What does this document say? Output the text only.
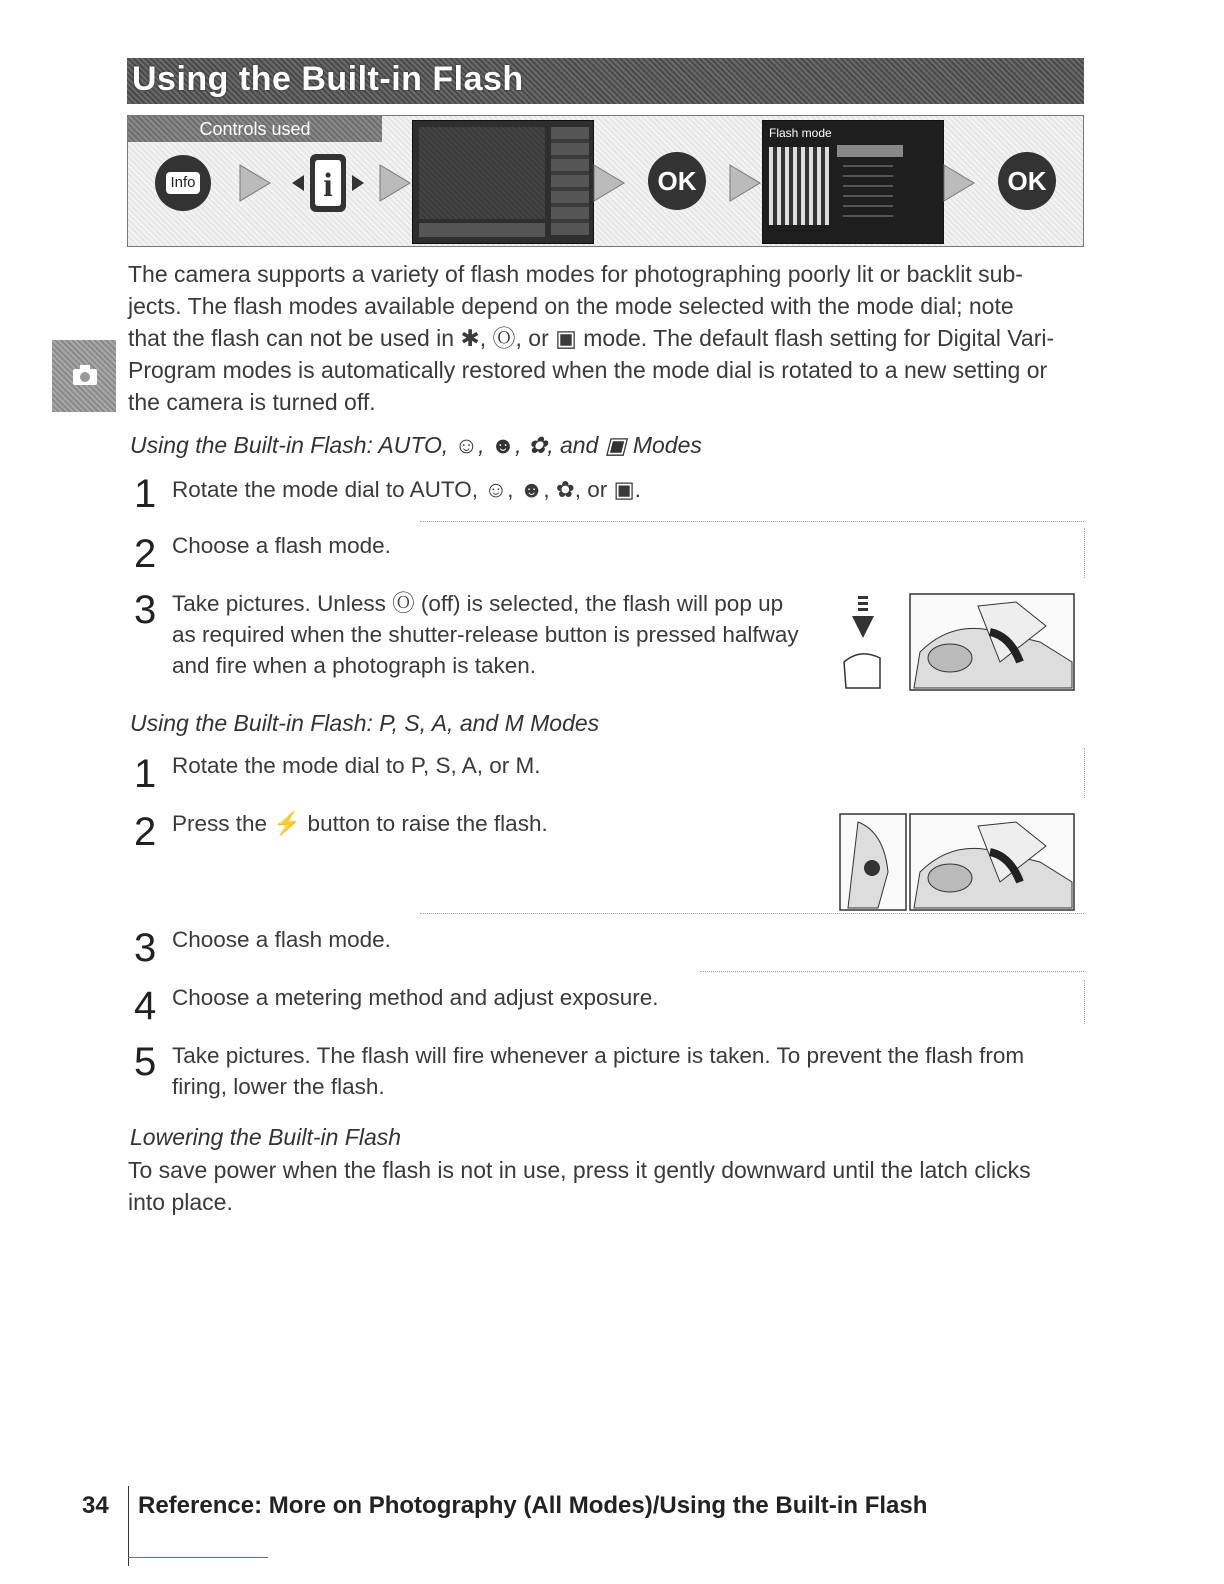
Using the Built-in Flash
Controls used
Info	i	OK
Flash mode
OK
The camera supports a variety of flash modes for photographing poorly lit or backlit sub-
jects. The flash modes available depend on the mode selected with the mode dial; note
that the flash can not be used in ✱, Ⓞ, or ▣ mode. The default flash setting for Digital Vari-
Program modes is automatically restored when the mode dial is rotated to a new setting or
the camera is turned off.
Using the Built-in Flash: AUTO, ☺, ☻, ✿, and ▣ Modes
1 Rotate the mode dial to AUTO, ☺, ☻, ✿, or ▣.
2 Choose a flash mode.
3 Take pictures. Unless Ⓞ (off) is selected, the flash will pop up
as required when the shutter-release button is pressed halfway
and fire when a photograph is taken.
Using the Built-in Flash: P, S, A, and M Modes
1 Rotate the mode dial to P, S, A, or M.
2 Press the ⚡ button to raise the flash.
3 Choose a flash mode.
4 Choose a metering method and adjust exposure.
5 Take pictures. The flash will fire whenever a picture is taken. To prevent the flash from
firing, lower the flash.
Lowering the Built-in Flash
To save power when the flash is not in use, press it gently downward until the latch clicks
into place.
34 Reference: More on Photography (All Modes)/Using the Built-in Flash
